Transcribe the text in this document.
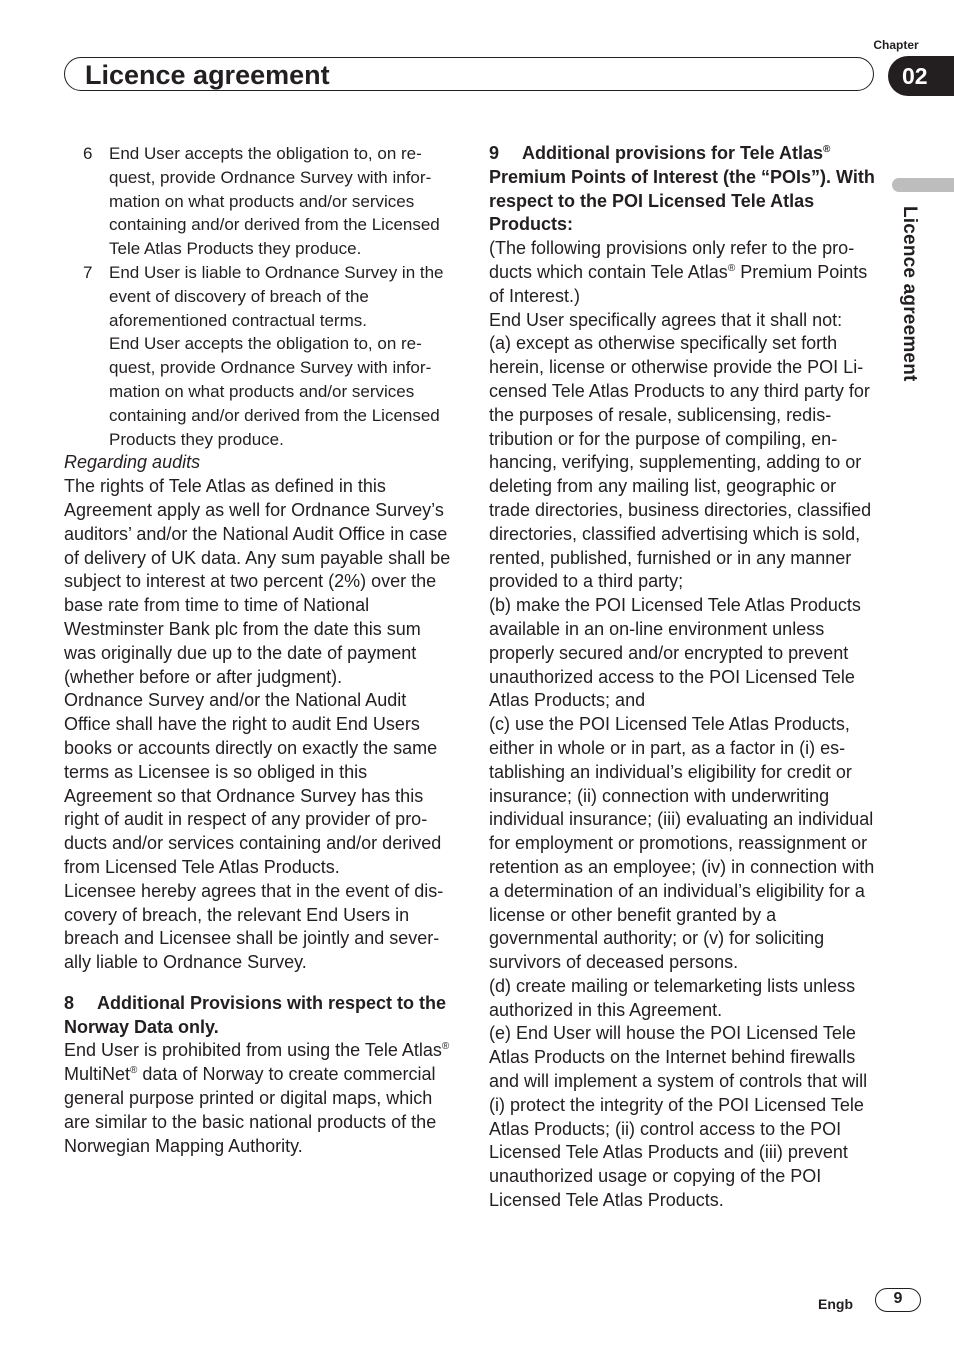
Chapter
Licence agreement	02
Licence agreement
6 End User accepts the obligation to, on request, provide Ordnance Survey with information on what products and/or services containing and/or derived from the Licensed Tele Atlas Products they produce.
7 End User is liable to Ordnance Survey in the event of discovery of breach of the aforementioned contractual terms.

End User accepts the obligation to, on request, provide Ordnance Survey with information on what products and/or services containing and/or derived from the Licensed Products they produce.

Regarding audits

The rights of Tele Atlas as defined in this Agreement apply as well for Ordnance Survey’s auditors’ and/or the National Audit Office in case of delivery of UK data. Any sum payable shall be subject to interest at two percent (2%) over the base rate from time to time of National Westminster Bank plc from the date this sum was originally due up to the date of payment (whether before or after judgment).

Ordnance Survey and/or the National Audit Office shall have the right to audit End Users books or accounts directly on exactly the same terms as Licensee is so obliged in this Agreement so that Ordnance Survey has this right of audit in respect of any provider of products and/or services containing and/or derived from Licensed Tele Atlas Products.

Licensee hereby agrees that in the event of discovery of breach, the relevant End Users in breach and Licensee shall be jointly and severally liable to Ordnance Survey.

8 Additional Provisions with respect to the Norway Data only.

End User is prohibited from using the Tele Atlas® MultiNet® data of Norway to create commercial general purpose printed or digital maps, which are similar to the basic national products of the Norwegian Mapping Authority.

9 Additional provisions for Tele Atlas® Premium Points of Interest (the “POIs”). With respect to the POI Licensed Tele Atlas Products:

(The following provisions only refer to the products which contain Tele Atlas® Premium Points of Interest.)

End User specifically agrees that it shall not:

(a) except as otherwise specifically set forth herein, license or otherwise provide the POI Licensed Tele Atlas Products to any third party for the purposes of resale, sublicensing, redistribution or for the purpose of compiling, enhancing, verifying, supplementing, adding to or deleting from any mailing list, geographic or trade directories, business directories, classified directories, classified advertising which is sold, rented, published, furnished or in any manner provided to a third party;

(b) make the POI Licensed Tele Atlas Products available in an on-line environment unless properly secured and/or encrypted to prevent unauthorized access to the POI Licensed Tele Atlas Products; and

(c) use the POI Licensed Tele Atlas Products, either in whole or in part, as a factor in (i) establishing an individual’s eligibility for credit or insurance; (ii) connection with underwriting individual insurance; (iii) evaluating an individual for employment or promotions, reassignment or retention as an employee; (iv) in connection with a determination of an individual’s eligibility for a license or other benefit granted by a governmental authority; or (v) for soliciting survivors of deceased persons.

(d) create mailing or telemarketing lists unless authorized in this Agreement.

(e) End User will house the POI Licensed Tele Atlas Products on the Internet behind firewalls and will implement a system of controls that will (i) protect the integrity of the POI Licensed Tele Atlas Products; (ii) control access to the POI Licensed Tele Atlas Products and (iii) prevent unauthorized usage or copying of the POI Licensed Tele Atlas Products.

Engb	9
